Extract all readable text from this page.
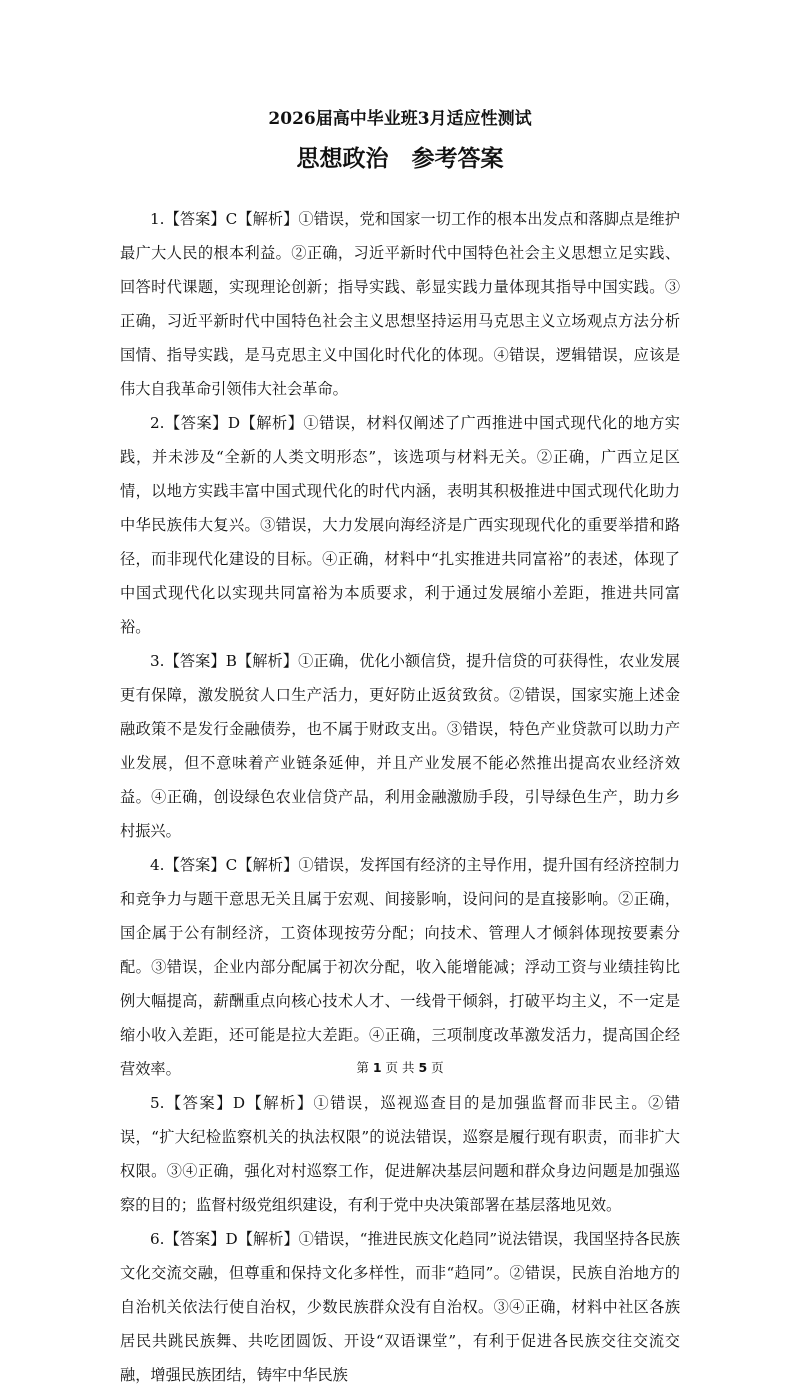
2026届高中毕业班3月适应性测试
思想政治　参考答案

1.【答案】C【解析】①错误，党和国家一切工作的根本出发点和落脚点是维护最广大人民的根本利益。②正确，习近平新时代中国特色社会主义思想立足实践、回答时代课题，实现理论创新；指导实践、彰显实践力量体现其指导中国实践。③正确，习近平新时代中国特色社会主义思想坚持运用马克思主义立场观点方法分析国情、指导实践，是马克思主义中国化时代化的体现。④错误，逻辑错误，应该是伟大自我革命引领伟大社会革命。

2.【答案】D【解析】①错误，材料仅阐述了广西推进中国式现代化的地方实践，并未涉及“全新的人类文明形态”，该选项与材料无关。②正确，广西立足区情，以地方实践丰富中国式现代化的时代内涵，表明其积极推进中国式现代化助力中华民族伟大复兴。③错误，大力发展向海经济是广西实现现代化的重要举措和路径，而非现代化建设的目标。④正确，材料中“扎实推进共同富裕”的表述，体现了中国式现代化以实现共同富裕为本质要求，利于通过发展缩小差距，推进共同富裕。

3.【答案】B【解析】①正确，优化小额信贷，提升信贷的可获得性，农业发展更有保障，激发脱贫人口生产活力，更好防止返贫致贫。②错误，国家实施上述金融政策不是发行金融债券，也不属于财政支出。③错误，特色产业贷款可以助力产业发展，但不意味着产业链条延伸，并且产业发展不能必然推出提高农业经济效益。④正确，创设绿色农业信贷产品，利用金融激励手段，引导绿色生产，助力乡村振兴。

4.【答案】C【解析】①错误，发挥国有经济的主导作用，提升国有经济控制力和竞争力与题干意思无关且属于宏观、间接影响，设问问的是直接影响。②正确，国企属于公有制经济，工资体现按劳分配；向技术、管理人才倾斜体现按要素分配。③错误，企业内部分配属于初次分配，收入能增能减；浮动工资与业绩挂钩比例大幅提高，薪酬重点向核心技术人才、一线骨干倾斜，打破平均主义，不一定是缩小收入差距，还可能是拉大差距。④正确，三项制度改革激发活力，提高国企经营效率。

5.【答案】D【解析】①错误，巡视巡查目的是加强监督而非民主。②错误，“扩大纪检监察机关的执法权限”的说法错误，巡察是履行现有职责，而非扩大权限。③④正确，强化对村巡察工作，促进解决基层问题和群众身边问题是加强巡察的目的；监督村级党组织建设，有利于党中央决策部署在基层落地见效。

6.【答案】D【解析】①错误，“推进民族文化趋同”说法错误，我国坚持各民族文化交流交融，但尊重和保持文化多样性，而非“趋同”。②错误，民族自治地方的自治机关依法行使自治权，少数民族群众没有自治权。③④正确，材料中社区各族居民共跳民族舞、共吃团圆饭、开设“双语课堂”，有利于促进各民族交往交流交融，增强民族团结，铸牢中华民族

第 1 页 共 5 页
